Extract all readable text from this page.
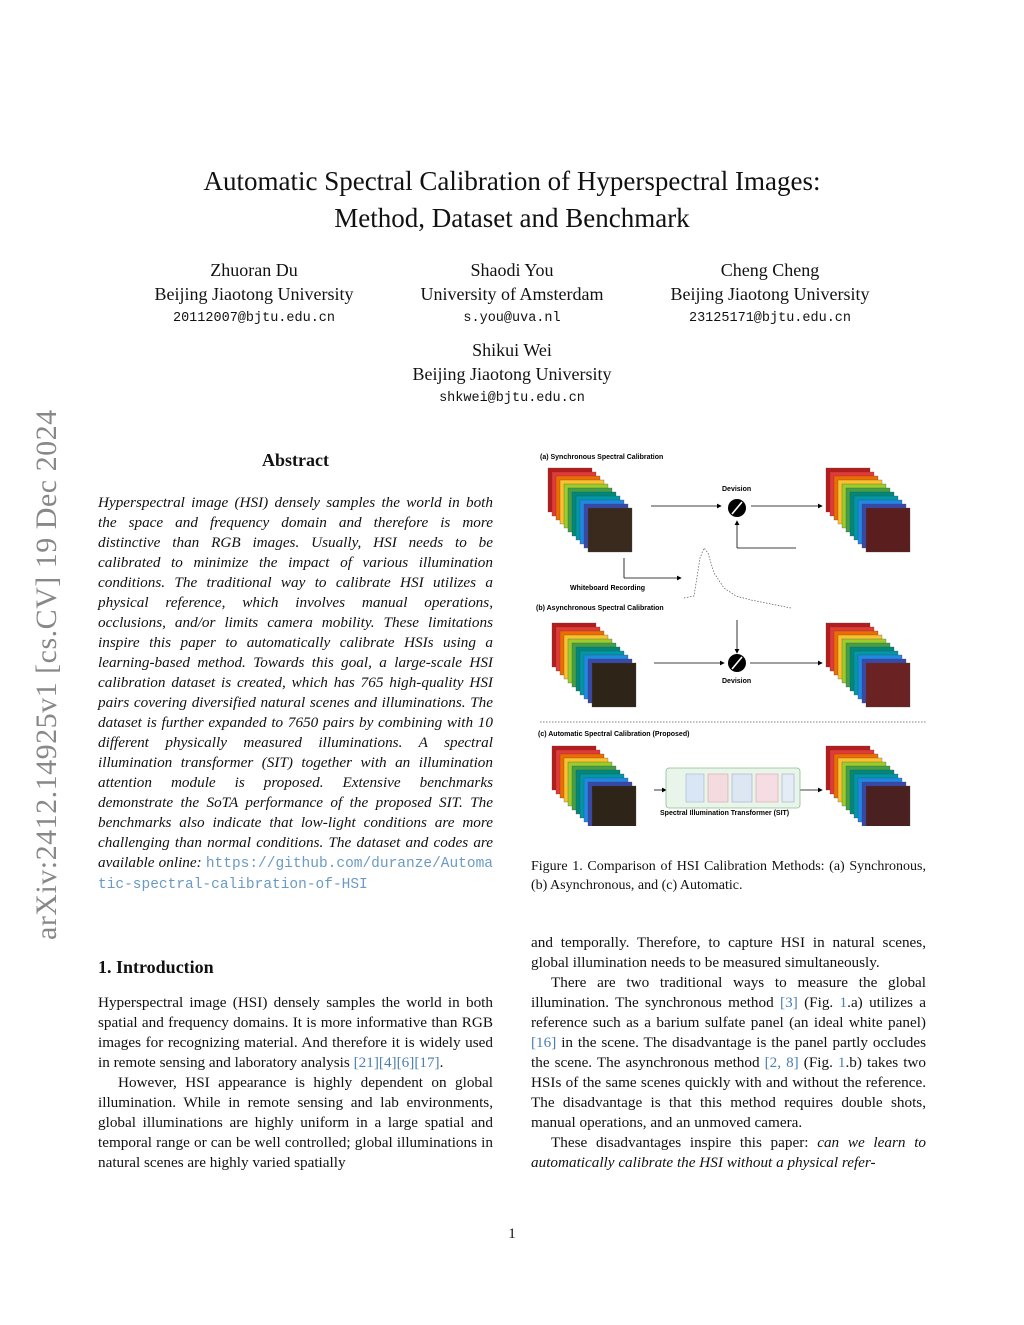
Automatic Spectral Calibration of Hyperspectral Images:
Method, Dataset and Benchmark
Zhuoran Du
Beijing Jiaotong University
20112007@bjtu.edu.cn
Shaodi You
University of Amsterdam
s.you@uva.nl
Cheng Cheng
Beijing Jiaotong University
23125171@bjtu.edu.cn
Shikui Wei
Beijing Jiaotong University
shkwei@bjtu.edu.cn
arXiv:2412.14925v1 [cs.CV] 19 Dec 2024	Abstract
Hyperspectral image (HSI) densely samples the world in both the space and frequency domain and therefore is more distinctive than RGB images. Usually, HSI needs to be calibrated to minimize the impact of various illumination conditions. The traditional way to calibrate HSI utilizes a physical reference, which involves manual operations, occlusions, and/or limits camera mobility. These limitations inspire this paper to automatically calibrate HSIs using a learning-based method. Towards this goal, a large-scale HSI calibration dataset is created, which has 765 high-quality HSI pairs covering diversified natural scenes and illuminations. The dataset is further expanded to 7650 pairs by combining with 10 different physically measured illuminations. A spectral illumination transformer (SIT) together with an illumination attention module is proposed. Extensive benchmarks demonstrate the SoTA performance of the proposed SIT. The benchmarks also indicate that low-light conditions are more challenging than normal conditions. The dataset and codes are available online: https://github.com/duranze/Automatic-spectral-calibration-of-HSI
1. Introduction

Hyperspectral image (HSI) densely samples the world in both spatial and frequency domains. It is more informative than RGB images for recognizing material. And therefore it is widely used in remote sensing and laboratory analysis [21][4][6][17].

However, HSI appearance is highly dependent on global illumination. While in remote sensing and lab environments, global illuminations are highly uniform in a large spatial and temporal range or can be well controlled; global illuminations in natural scenes are highly varied spatially

(a) Synchronous Spectral Calibration
Devision
Whiteboard Recording
(b) Asynchronous Spectral Calibration
Devision
(c) Automatic Spectral Calibration (Proposed)
Spectral Illumination Transformer (SIT)
Figure 1. Comparison of HSI Calibration Methods: (a) Synchronous, (b) Asynchronous, and (c) Automatic.

and temporally. Therefore, to capture HSI in natural scenes, global illumination needs to be measured simultaneously.

There are two traditional ways to measure the global illumination. The synchronous method [3] (Fig. 1.a) utilizes a reference such as a barium sulfate panel (an ideal white panel) [16] in the scene. The disadvantage is the panel partly occludes the scene. The asynchronous method [2, 8] (Fig. 1.b) takes two HSIs of the same scenes quickly with and without the reference. The disadvantage is that this method requires double shots, manual operations, and an unmoved camera.

These disadvantages inspire this paper: can we learn to automatically calibrate the HSI without a physical refer-

1
